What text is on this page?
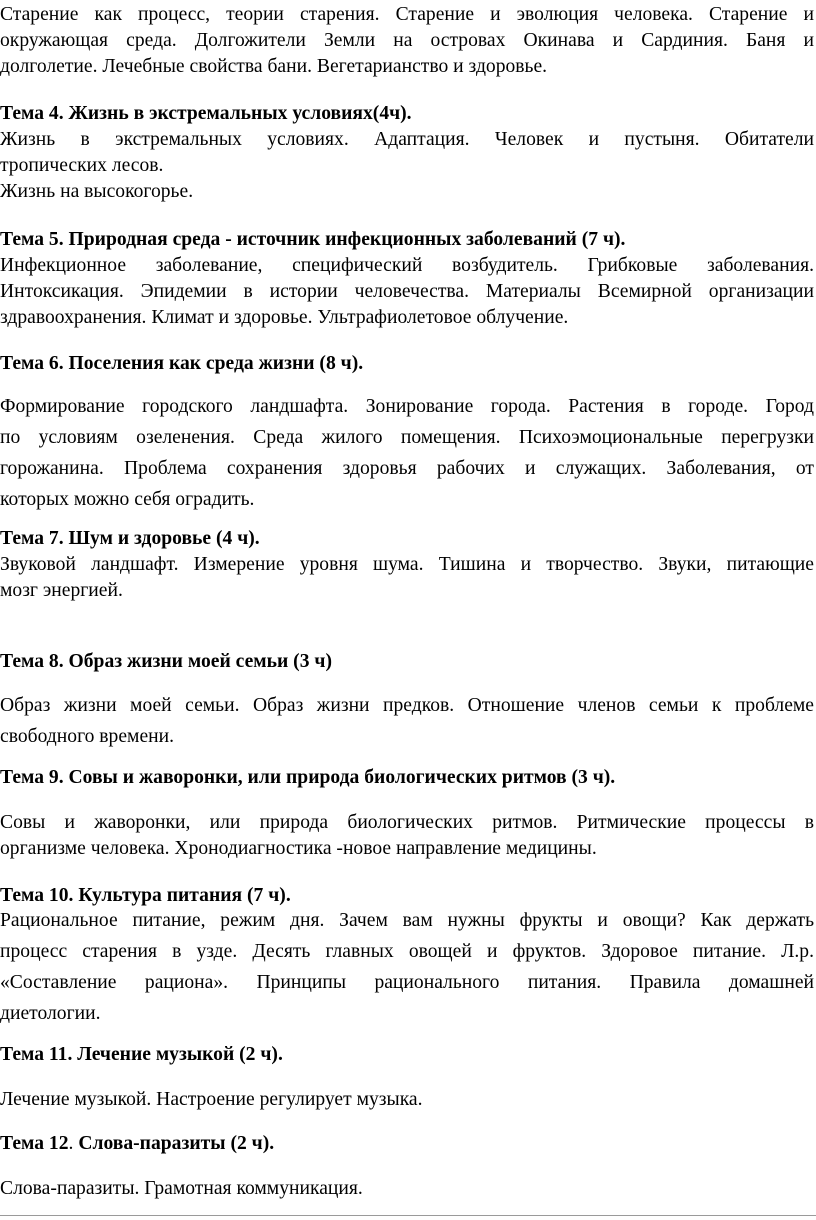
Старение как процесс, теории старения. Старение и эволюция человека. Старение и
окружающая среда. Долгожители Земли на островах Окинава и Сардиния. Баня и
долголетие. Лечебные свойства бани. Вегетарианство и здоровье.
Тема 4. Жизнь в экстремальных условиях(4ч).
Жизнь в экстремальных условиях. Адаптация. Человек и пустыня. Обитатели
тропических лесов.
Жизнь на высокогорье.
Тема 5. Природная среда - источник инфекционных заболеваний (7 ч).
Инфекционное заболевание, специфический возбудитель. Грибковые заболевания.
Интоксикация. Эпидемии в истории человечества. Материалы Всемирной организации
здравоохранения. Климат и здоровье. Ультрафиолетовое облучение.
Тема 6. Поселения как среда жизни (8 ч).
Формирование городского ландшафта. Зонирование города. Растения в городе. Город
по условиям озеленения. Среда жилого помещения. Психоэмоциональные перегрузки
горожанина. Проблема сохранения здоровья рабочих и служащих. Заболевания, от
которых можно себя оградить.
Тема 7. Шум и здоровье (4 ч).
Звуковой ландшафт. Измерение уровня шума. Тишина и творчество. Звуки, питающие
мозг энергией.
Тема 8. Образ жизни моей семьи (3 ч)
Образ жизни моей семьи. Образ жизни предков. Отношение членов семьи к проблеме
свободного времени.
Тема 9. Совы и жаворонки, или природа биологических ритмов (3 ч).
Совы и жаворонки, или природа биологических ритмов. Ритмические процессы в
организме человека. Хронодиагностика -новое направление медицины.
Тема 10. Культура питания (7 ч).
Рациональное питание, режим дня. Зачем вам нужны фрукты и овощи? Как держать
процесс старения в узде. Десять главных овощей и фруктов. Здоровое питание. Л.р.
«Составление рациона». Принципы рационального питания. Правила домашней
диетологии.
Тема 11. Лечение музыкой (2 ч).
Лечение музыкой. Настроение регулирует музыка.
Тема 12. Слова-паразиты (2 ч).
Слова-паразиты. Грамотная коммуникация.
